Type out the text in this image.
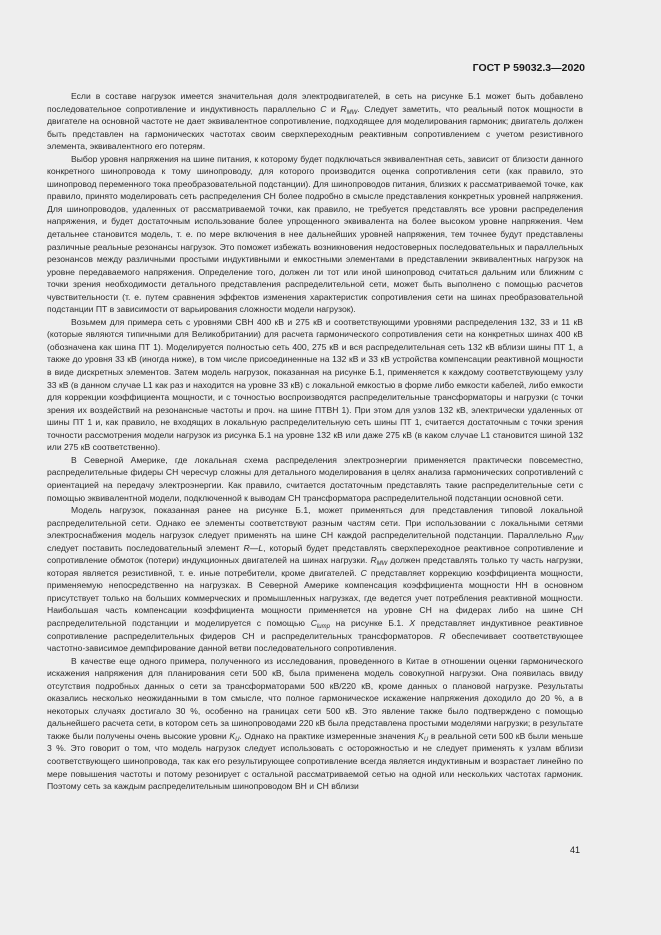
ГОСТ Р 59032.3—2020

Если в составе нагрузок имеется значительная доля электродвигателей, в сеть на рисунке Б.1 может быть добавлено последовательное сопротивление и индуктивность параллельно C и $R_{MW}$. Следует заметить, что реальный поток мощности в двигателе на основной частоте не дает эквивалентное сопротивление, подходящее для моделирования гармоник; двигатель должен быть представлен на гармонических частотах своим сверхпереходным реактивным сопротивлением с учетом резистивного элемента, эквивалентного его потерям.

Выбор уровня напряжения на шине питания, к которому будет подключаться эквивалентная сеть, зависит от близости данного конкретного шинопровода к тому шинопроводу, для которого производится оценка сопротивления сети (как правило, это шинопровод переменного тока преобразовательной подстанции). Для шинопроводов питания, близких к рассматриваемой точке, как правило, принято моделировать сеть распределения СН более подробно в смысле представления конкретных уровней напряжения. Для шинопроводов, удаленных от рассматриваемой точки, как правило, не требуется представлять все уровни распределения напряжения, и будет достаточным использование более упрощенного эквивалента на более высоком уровне напряжения. Чем детальнее становится модель, т. е. по мере включения в нее дальнейших уровней напряжения, тем точнее будут представлены различные реальные резонансы нагрузок. Это поможет избежать возникновения недостоверных последовательных и параллельных резонансов между различными простыми индуктивными и емкостными элементами в представлении эквивалентных нагрузок на уровне передаваемого напряжения. Определение того, должен ли тот или иной шинопровод считаться дальним или ближним с точки зрения необходимости детального представления распределительной сети, может быть выполнено с помощью расчетов чувствительности (т. е. путем сравнения эффектов изменения характеристик сопротивления сети на шинах преобразовательной подстанции ПТ в зависимости от варьирования сложности модели нагрузок).

Возьмем для примера сеть с уровнями СВН 400 кВ и 275 кВ и соответствующими уровнями распределения 132, 33 и 11 кВ (которые являются типичными для Великобритании) для расчета гармонического сопротивления сети на конкретных шинах 400 кВ (обозначена как шина ПТ 1). Моделируется полностью сеть 400, 275 кВ и вся распределительная сеть 132 кВ вблизи шины ПТ 1, а также до уровня 33 кВ (иногда ниже), в том числе присоединенные на 132 кВ и 33 кВ устройства компенсации реактивной мощности в виде дискретных элементов. Затем модель нагрузок, показанная на рисунке Б.1, применяется к каждому соответствующему узлу 33 кВ (в данном случае L1 как раз и находится на уровне 33 кВ) с локальной емкостью в форме либо емкости кабелей, либо емкости для коррекции коэффициента мощности, и с точностью воспроизводятся распределительные трансформаторы и нагрузки (с точки зрения их воздействий на резонансные частоты и проч. на шине ПТВН 1). При этом для узлов 132 кВ, электрически удаленных от шины ПТ 1 и, как правило, не входящих в локальную распределительную сеть шины ПТ 1, считается достаточным с точки зрения точности рассмотрения модели нагрузок из рисунка Б.1 на уровне 132 кВ или даже 275 кВ (в каком случае L1 становится шиной 132 или 275 кВ соответственно).

В Северной Америке, где локальная схема распределения электроэнергии применяется практически повсеместно, распределительные фидеры СН чересчур сложны для детального моделирования в целях анализа гармонических сопротивлений с ориентацией на передачу электроэнергии. Как правило, считается достаточным представлять такие распределительные сети с помощью эквивалентной модели, подключенной к выводам СН трансформатора распределительной подстанции основной сети.

Модель нагрузок, показанная ранее на рисунке Б.1, может применяться для представления типовой локальной распределительной сети. Однако ее элементы соответствуют разным частям сети. При использовании с локальными сетями электроснабжения модель нагрузок следует применять на шине СН каждой распределительной подстанции. Параллельно $R_{MW}$ следует поставить последовательный элемент R—L, который будет представлять сверхпереходное реактивное сопротивление и сопротивление обмоток (потери) индукционных двигателей на шинах нагрузки. $R_{MW}$ должен представлять только ту часть нагрузки, которая является резистивной, т. е. иные потребители, кроме двигателей. C представляет коррекцию коэффициента мощности, применяемую непосредственно на нагрузках. В Северной Америке компенсация коэффициента мощности НН в основном присутствует только на больших коммерческих и промышленных нагрузках, где ведется учет потребления реактивной мощности. Наибольшая часть компенсации коэффициента мощности применяется на уровне СН на фидерах либо на шине СН распределительной подстанции и моделируется с помощью $C_{lump}$ на рисунке Б.1. X представляет индуктивное реактивное сопротивление распределительных фидеров СН и распределительных трансформаторов. R обеспечивает соответствующее частотно-зависимое демпфирование данной ветви последовательного сопротивления.

В качестве еще одного примера, полученного из исследования, проведенного в Китае в отношении оценки гармонического искажения напряжения для планирования сети 500 кВ, была применена модель совокупной нагрузки. Она появилась ввиду отсутствия подробных данных о сети за трансформаторами 500 кВ/220 кВ, кроме данных о плановой нагрузке. Результаты оказались несколько неожиданными в том смысле, что полное гармоническое искажение напряжения доходило до 20 %, а в некоторых случаях достигало 30 %, особенно на границах сети 500 кВ. Это явление также было подтверждено с помощью дальнейшего расчета сети, в котором сеть за шинопроводами 220 кВ была представлена простыми моделями нагрузки; в результате также были получены очень высокие уровни $K_U$. Однако на практике измеренные значения $K_U$ в реальной сети 500 кВ были меньше 3 %. Это говорит о том, что модель нагрузок следует использовать с осторожностью и не следует применять к узлам вблизи соответствующего шинопровода, так как его результирующее сопротивление всегда является индуктивным и возрастает линейно по мере повышения частоты и потому резонирует с остальной рассматриваемой сетью на одной или нескольких частотах гармоник. Поэтому сеть за каждым распределительным шинопроводом ВН и СН вблизи

41
